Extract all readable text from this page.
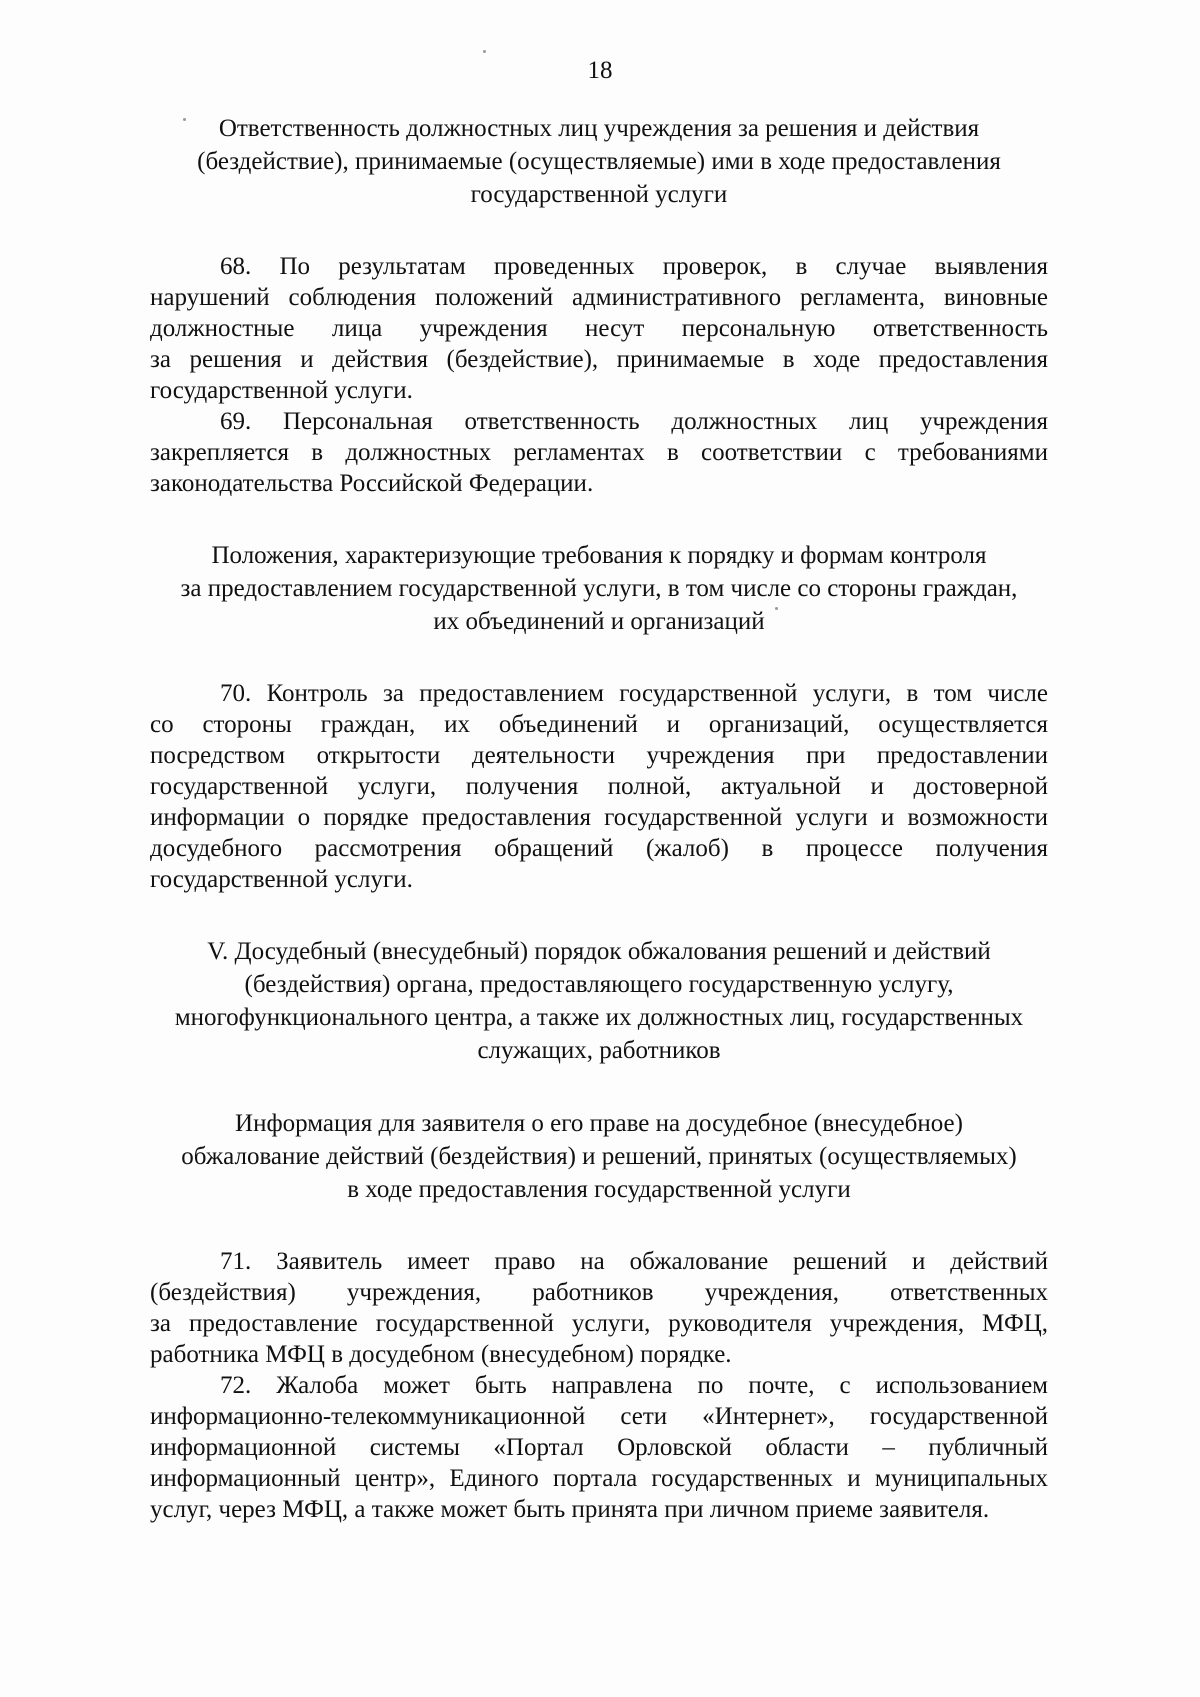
18
Ответственность должностных лиц учреждения за решения и действия
(бездействие), принимаемые (осуществляемые) ими в ходе предоставления
государственной услуги
68. По результатам проведенных проверок, в случае выявления
нарушений соблюдения положений административного регламента, виновные
должностные лица учреждения несут персональную ответственность
за решения и действия (бездействие), принимаемые в ходе предоставления
государственной услуги.
69. Персональная ответственность должностных лиц учреждения
закрепляется в должностных регламентах в соответствии с требованиями
законодательства Российской Федерации.
Положения, характеризующие требования к порядку и формам контроля
за предоставлением государственной услуги, в том числе со стороны граждан,
их объединений и организаций
70. Контроль за предоставлением государственной услуги, в том числе
со стороны граждан, их объединений и организаций, осуществляется
посредством открытости деятельности учреждения при предоставлении
государственной услуги, получения полной, актуальной и достоверной
информации о порядке предоставления государственной услуги и возможности
досудебного рассмотрения обращений (жалоб) в процессе получения
государственной услуги.
V. Досудебный (внесудебный) порядок обжалования решений и действий
(бездействия) органа, предоставляющего государственную услугу,
многофункционального центра, а также их должностных лиц, государственных
служащих, работников
Информация для заявителя о его праве на досудебное (внесудебное)
обжалование действий (бездействия) и решений, принятых (осуществляемых)
в ходе предоставления государственной услуги
71. Заявитель имеет право на обжалование решений и действий
(бездействия) учреждения, работников учреждения, ответственных
за предоставление государственной услуги, руководителя учреждения, МФЦ,
работника МФЦ в досудебном (внесудебном) порядке.
72. Жалоба может быть направлена по почте, с использованием
информационно-телекоммуникационной сети «Интернет», государственной
информационной системы «Портал Орловской области – публичный
информационный центр», Единого портала государственных и муниципальных
услуг, через МФЦ, а также может быть принята при личном приеме заявителя.
